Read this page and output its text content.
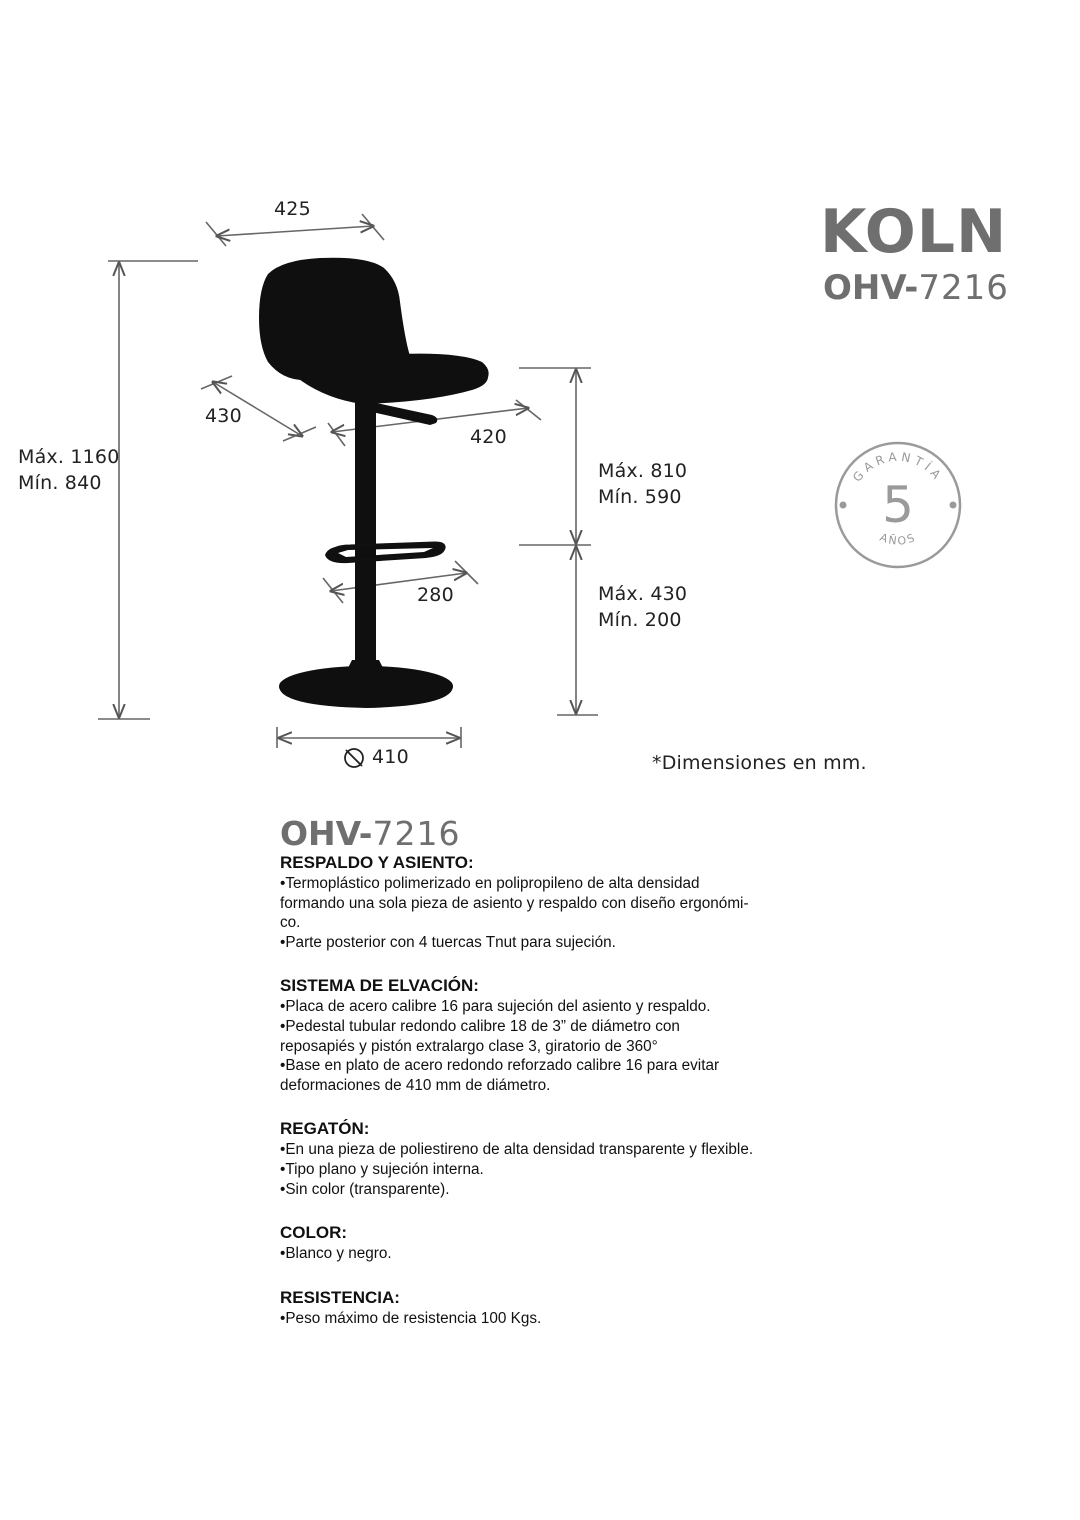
425
430
420
Máx. 1160
Mín. 840
Máx. 810
Mín. 590
280	Máx. 430
Mín. 200
410	*Dimensiones en mm.
KOLN
OHV-7216
GARANTÍA
5
AÑOS
OHV-7216
RESPALDO Y ASIENTO:

•Termoplástico polimerizado en polipropileno de alta densidad

formando una sola pieza de asiento y respaldo con diseño ergonómi-

co.

•Parte posterior con 4 tuercas Tnut para sujeción.

SISTEMA DE ELVACIÓN:

•Placa de acero calibre 16 para sujeción del asiento y respaldo.

•Pedestal tubular redondo calibre 18 de 3” de diámetro con

reposapiés y pistón extralargo clase 3, giratorio de 360°

•Base en plato de acero redondo reforzado calibre 16 para evitar

deformaciones de 410 mm de diámetro.

REGATÓN:

•En una pieza de poliestireno de alta densidad transparente y flexible.

•Tipo plano y sujeción interna.

•Sin color (transparente).

COLOR:

•Blanco y negro.

RESISTENCIA:

•Peso máximo de resistencia 100 Kgs.
